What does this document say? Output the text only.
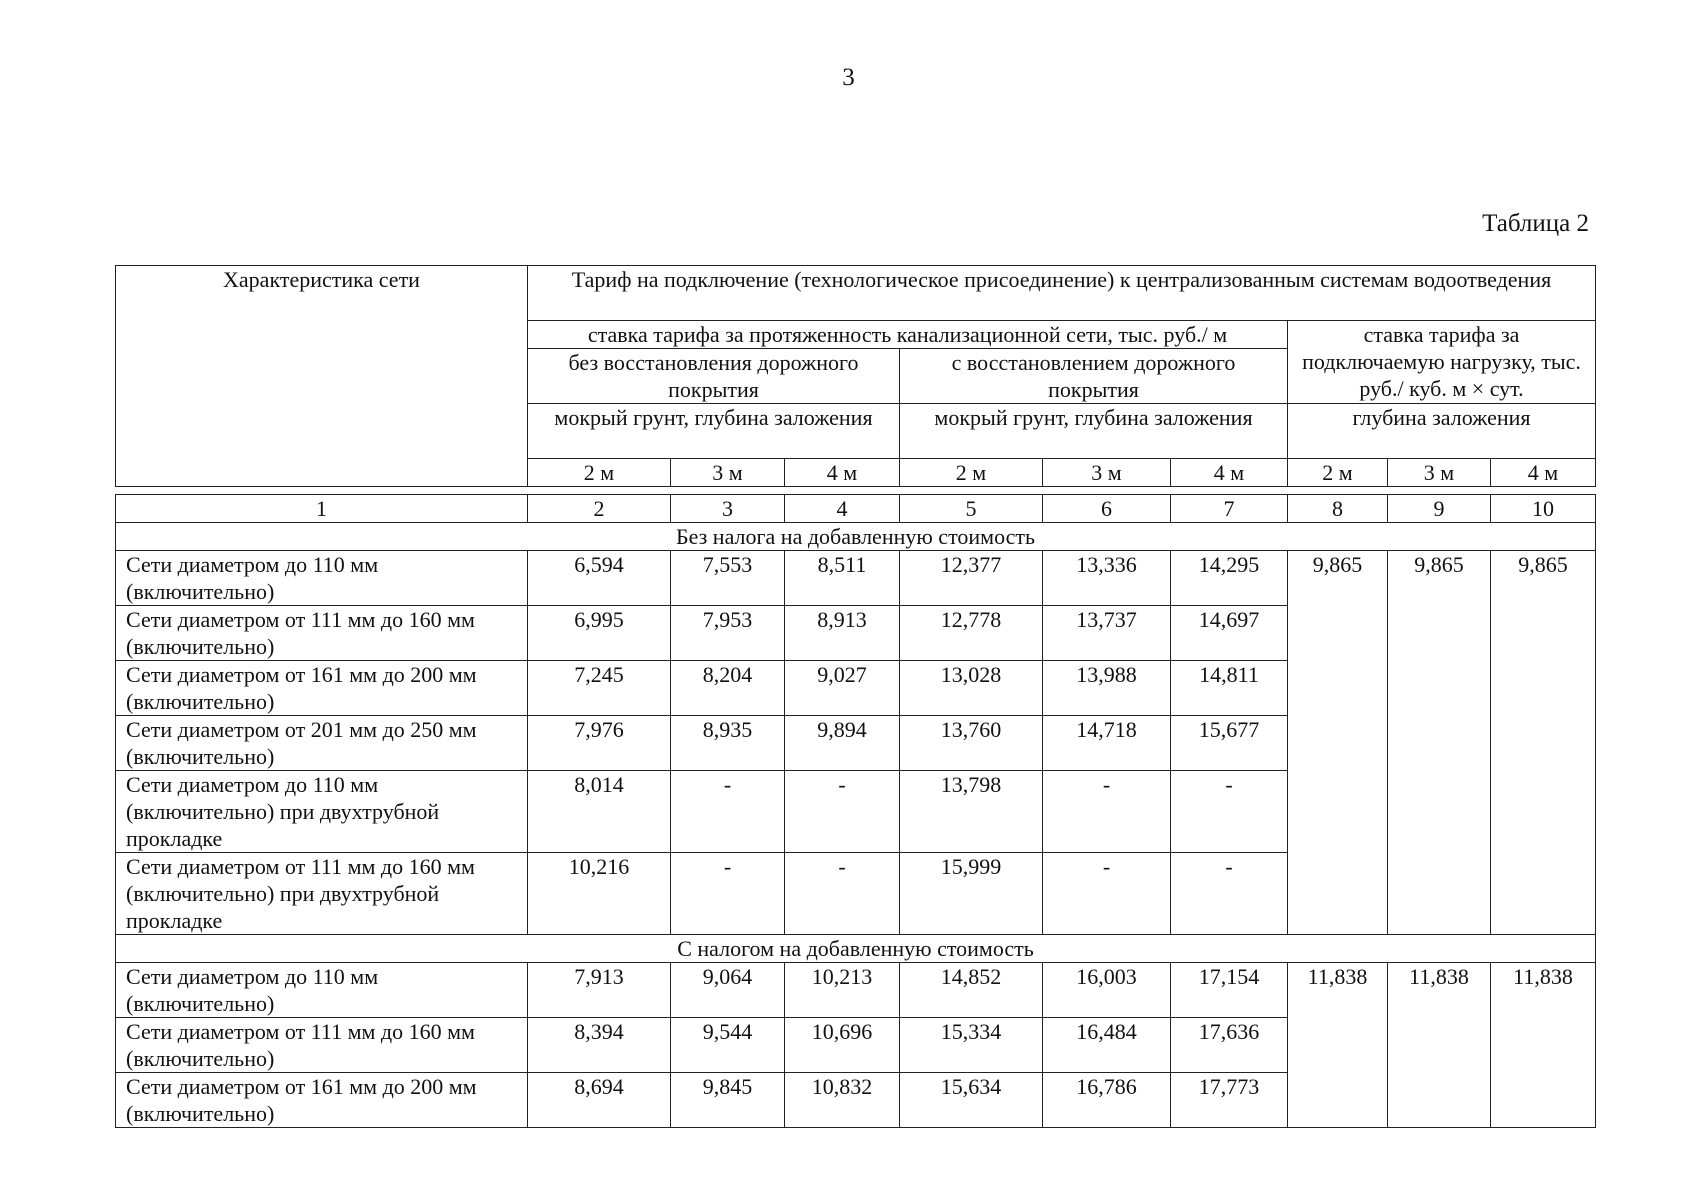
3
Таблица 2
Характеристика сети	Тариф на подключение (технологическое присоединение) к централизованным системам водоотведения								
	ставка тарифа за протяженность канализационной сети, тыс. руб./ м						ставка тарифа за подключаемую нагрузку, тыс. руб./ куб. м × сут.		
	без восстановления дорожного покрытия			с восстановлением дорожного покрытия					
	мокрый грунт, глубина заложения			мокрый грунт, глубина заложения			глубина заложения		
	2 м	3 м	4 м	2 м	3 м	4 м	2 м	3 м	4 м
1	2	3	4	5	6	7	8	9	10
Без налога на добавленную стоимость									
Сети диаметром до 110 мм (включительно)	6,594	7,553	8,511	12,377	13,336	14,295	9,865	9,865	9,865
Сети диаметром от 111 мм до 160 мм (включительно)	6,995	7,953	8,913	12,778	13,737	14,697			
Сети диаметром от 161 мм до 200 мм (включительно)	7,245	8,204	9,027	13,028	13,988	14,811			
Сети диаметром от 201 мм до 250 мм (включительно)	7,976	8,935	9,894	13,760	14,718	15,677			
Сети диаметром до 110 мм (включительно) при двухтрубной прокладке	8,014	-	-	13,798	-	-			
Сети диаметром от 111 мм до 160 мм (включительно) при двухтрубной прокладке	10,216	-	-	15,999	-	-			
С налогом на добавленную стоимость									
Сети диаметром до 110 мм (включительно)	7,913	9,064	10,213	14,852	16,003	17,154	11,838	11,838	11,838
Сети диаметром от 111 мм до 160 мм (включительно)	8,394	9,544	10,696	15,334	16,484	17,636			
Сети диаметром от 161 мм до 200 мм (включительно)	8,694	9,845	10,832	15,634	16,786	17,773			
